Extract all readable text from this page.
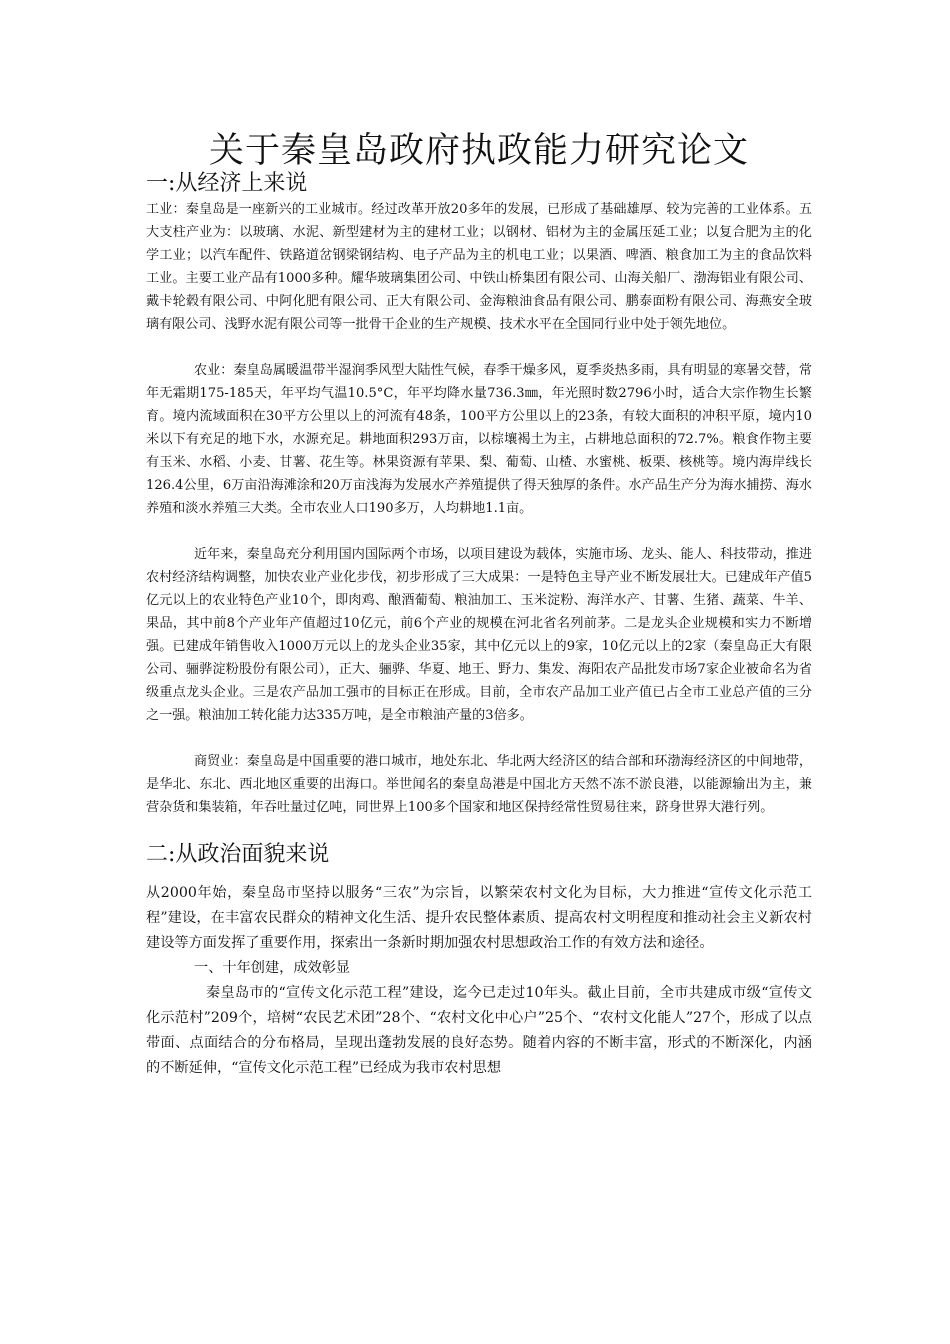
关于秦皇岛政府执政能力研究论文
一:从经济上来说

工业：秦皇岛是一座新兴的工业城市。经过改革开放20多年的发展，已形成了基础雄厚、较为完善的工业体系。五大支柱产业为：以玻璃、水泥、新型建材为主的建材工业；以钢材、铝材为主的金属压延工业；以复合肥为主的化学工业；以汽车配件、铁路道岔钢梁钢结构、电子产品为主的机电工业；以果酒、啤酒、粮食加工为主的食品饮料工业。主要工业产品有1000多种。耀华玻璃集团公司、中铁山桥集团有限公司、山海关船厂、渤海铝业有限公司、戴卡轮毂有限公司、中阿化肥有限公司、正大有限公司、金海粮油食品有限公司、鹏泰面粉有限公司、海燕安全玻璃有限公司、浅野水泥有限公司等一批骨干企业的生产规模、技术水平在全国同行业中处于领先地位。

农业：秦皇岛属暖温带半湿润季风型大陆性气候，春季干燥多风，夏季炎热多雨，具有明显的寒暑交替，常年无霜期175-185天，年平均气温10.5°C，年平均降水量736.3㎜，年光照时数2796小时，适合大宗作物生长繁育。境内流域面积在30平方公里以上的河流有48条，100平方公里以上的23条，有较大面积的冲积平原，境内10米以下有充足的地下水，水源充足。耕地面积293万亩，以棕壤褐土为主，占耕地总面积的72.7%。粮食作物主要有玉米、水稻、小麦、甘薯、花生等。林果资源有苹果、梨、葡萄、山楂、水蜜桃、板栗、核桃等。境内海岸线长126.4公里，6万亩沿海滩涂和20万亩浅海为发展水产养殖提供了得天独厚的条件。水产品生产分为海水捕捞、海水养殖和淡水养殖三大类。全市农业人口190多万，人均耕地1.1亩。

近年来，秦皇岛充分利用国内国际两个市场，以项目建设为载体，实施市场、龙头、能人、科技带动，推进农村经济结构调整，加快农业产业化步伐，初步形成了三大成果：一是特色主导产业不断发展壮大。已建成年产值5亿元以上的农业特色产业10个，即肉鸡、酿酒葡萄、粮油加工、玉米淀粉、海洋水产、甘薯、生猪、蔬菜、牛羊、果品，其中前8个产业年产值超过10亿元，前6个产业的规模在河北省名列前茅。二是龙头企业规模和实力不断增强。已建成年销售收入1000万元以上的龙头企业35家，其中亿元以上的9家，10亿元以上的2家（秦皇岛正大有限公司、骊骅淀粉股份有限公司），正大、骊骅、华夏、地王、野力、集发、海阳农产品批发市场7家企业被命名为省级重点龙头企业。三是农产品加工强市的目标正在形成。目前，全市农产品加工业产值已占全市工业总产值的三分之一强。粮油加工转化能力达335万吨，是全市粮油产量的3倍多。

商贸业：秦皇岛是中国重要的港口城市，地处东北、华北两大经济区的结合部和环渤海经济区的中间地带，是华北、东北、西北地区重要的出海口。举世闻名的秦皇岛港是中国北方天然不冻不淤良港，以能源输出为主，兼营杂货和集装箱，年吞吐量过亿吨，同世界上100多个国家和地区保持经常性贸易往来，跻身世界大港行列。

二:从政治面貌来说

从2000年始，秦皇岛市坚持以服务“三农”为宗旨，以繁荣农村文化为目标，大力推进“宣传文化示范工程”建设，在丰富农民群众的精神文化生活、提升农民整体素质、提高农村文明程度和推动社会主义新农村建设等方面发挥了重要作用，探索出一条新时期加强农村思想政治工作的有效方法和途径。

一、十年创建，成效彰显

秦皇岛市的“宣传文化示范工程”建设，迄今已走过10年头。截止目前，全市共建成市级“宣传文化示范村”209个，培树“农民艺术团”28个、“农村文化中心户”25个、“农村文化能人”27个，形成了以点带面、点面结合的分布格局，呈现出蓬勃发展的良好态势。随着内容的不断丰富，形式的不断深化，内涵的不断延伸，“宣传文化示范工程”已经成为我市农村思想
